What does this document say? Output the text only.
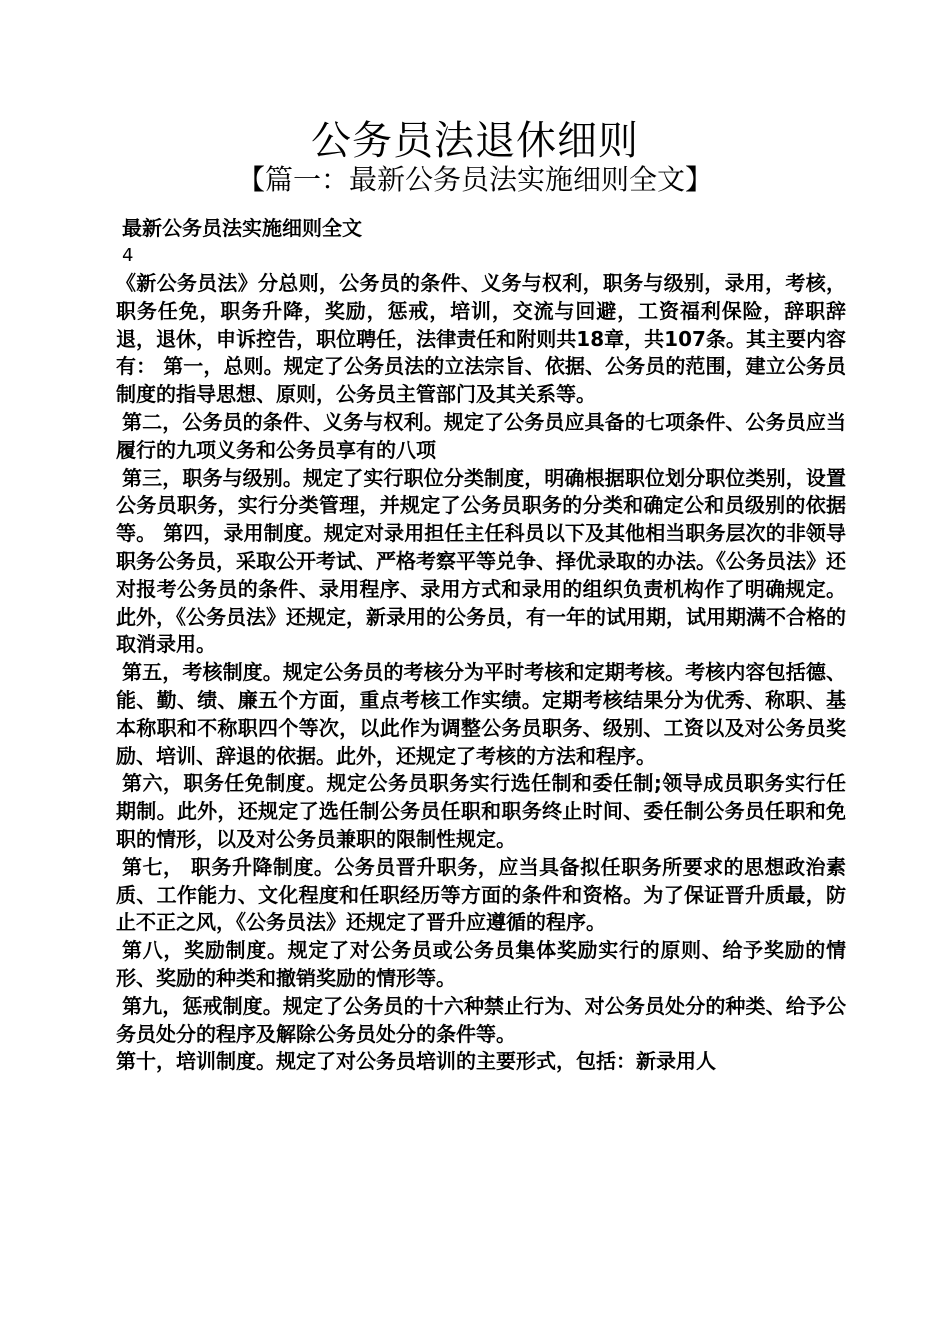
公务员法退休细则
【篇一：最新公务员法实施细则全文】

最新公务员法实施细则全文

4

《新公务员法》分总则，公务员的条件、义务与权利，职务与级别，录用，考核，职务任免，职务升降，奖励，惩戒，培训，交流与回避，工资福利保险，辞职辞退，退休，申诉控告，职位聘任，法律责任和附则共18章，共107条。其主要内容有： 第一，总则。规定了公务员法的立法宗旨、依据、公务员的范围，建立公务员制度的指导思想、原则，公务员主管部门及其关系等。

第二，公务员的条件、义务与权利。规定了公务员应具备的七项条件、公务员应当履行的九项义务和公务员享有的八项

第三，职务与级别。规定了实行职位分类制度，明确根据职位划分职位类别，设置公务员职务，实行分类管理，并规定了公务员职务的分类和确定公和员级别的依据等。 第四，录用制度。规定对录用担任主任科员以下及其他相当职务层次的非领导职务公务员，采取公开考试、严格考察平等兑争、择优录取的办法。《公务员法》还对报考公务员的条件、录用程序、录用方式和录用的组织负责机构作了明确规定。此外，《公务员法》还规定，新录用的公务员，有一年的试用期，试用期满不合格的取消录用。

第五，考核制度。规定公务员的考核分为平时考核和定期考核。考核内容包括德、能、勤、绩、廉五个方面，重点考核工作实绩。定期考核结果分为优秀、称职、基本称职和不称职四个等次，以此作为调整公务员职务、级别、工资以及对公务员奖励、培训、辞退的依据。此外，还规定了考核的方法和程序。

第六，职务任免制度。规定公务员职务实行选任制和委任制;领导成员职务实行任期制。此外，还规定了选任制公务员任职和职务终止时间、委任制公务员任职和免职的情形，以及对公务员兼职的限制性规定。

第七， 职务升降制度。公务员晋升职务，应当具备拟任职务所要求的思想政治素质、工作能力、文化程度和任职经历等方面的条件和资格。为了保证晋升质最，防止不正之风，《公务员法》还规定了晋升应遵循的程序。

第八，奖励制度。规定了对公务员或公务员集体奖励实行的原则、给予奖励的情形、奖励的种类和撤销奖励的情形等。

第九，惩戒制度。规定了公务员的十六种禁止行为、对公务员处分的种类、给予公务员处分的程序及解除公务员处分的条件等。

第十，培训制度。规定了对公务员培训的主要形式，包括：新录用人
